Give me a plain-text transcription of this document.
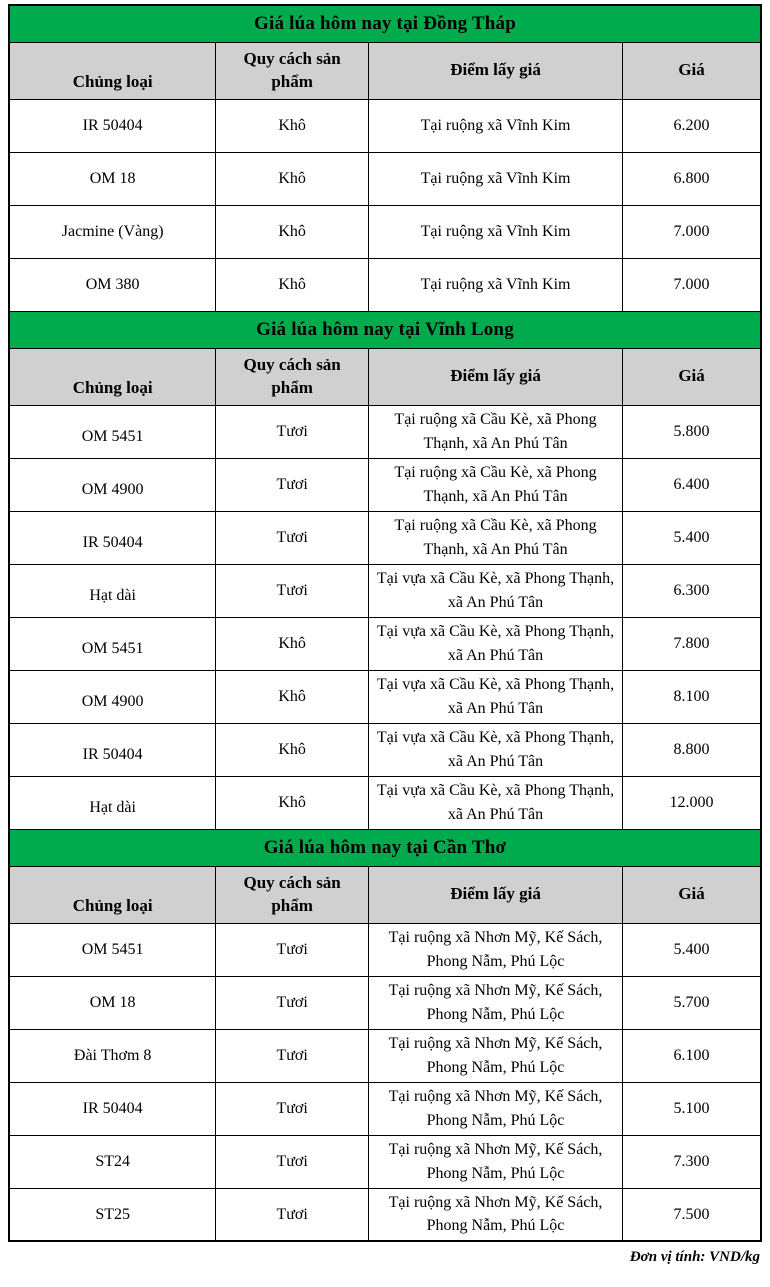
Giá lúa hôm nay tại Đồng Tháp			
Chủng loại	Quy cách sản phẩm	Điểm lấy giá	Giá
IR 50404	Khô	Tại ruộng xã Vĩnh Kim	6.200
OM 18	Khô	Tại ruộng xã Vĩnh Kim	6.800
Jacmine (Vàng)	Khô	Tại ruộng xã Vĩnh Kim	7.000
OM 380	Khô	Tại ruộng xã Vĩnh Kim	7.000
Giá lúa hôm nay tại Vĩnh Long			
Chủng loại	Quy cách sản phẩm	Điểm lấy giá	Giá
OM 5451	Tươi	Tại ruộng xã Cầu Kè, xã Phong Thạnh, xã An Phú Tân	5.800
OM 4900	Tươi	Tại ruộng xã Cầu Kè, xã Phong Thạnh, xã An Phú Tân	6.400
IR 50404	Tươi	Tại ruộng xã Cầu Kè, xã Phong Thạnh, xã An Phú Tân	5.400
Hạt dài	Tươi	Tại vựa xã Cầu Kè, xã Phong Thạnh, xã An Phú Tân	6.300
OM 5451	Khô	Tại vựa xã Cầu Kè, xã Phong Thạnh, xã An Phú Tân	7.800
OM 4900	Khô	Tại vựa xã Cầu Kè, xã Phong Thạnh, xã An Phú Tân	8.100
IR 50404	Khô	Tại vựa xã Cầu Kè, xã Phong Thạnh, xã An Phú Tân	8.800
Hạt dài	Khô	Tại vựa xã Cầu Kè, xã Phong Thạnh, xã An Phú Tân	12.000
Giá lúa hôm nay tại Cần Thơ			
Chủng loại	Quy cách sản phẩm	Điểm lấy giá	Giá
OM 5451	Tươi	Tại ruộng xã Nhơn Mỹ, Kế Sách, Phong Nẫm, Phú Lộc	5.400
OM 18	Tươi	Tại ruộng xã Nhơn Mỹ, Kế Sách, Phong Nẫm, Phú Lộc	5.700
Đài Thơm 8	Tươi	Tại ruộng xã Nhơn Mỹ, Kế Sách, Phong Nẫm, Phú Lộc	6.100
IR 50404	Tươi	Tại ruộng xã Nhơn Mỹ, Kế Sách, Phong Nẫm, Phú Lộc	5.100
ST24	Tươi	Tại ruộng xã Nhơn Mỹ, Kế Sách, Phong Nẫm, Phú Lộc	7.300
ST25	Tươi	Tại ruộng xã Nhơn Mỹ, Kế Sách, Phong Nẫm, Phú Lộc	7.500
Đơn vị tính: VND/kg
